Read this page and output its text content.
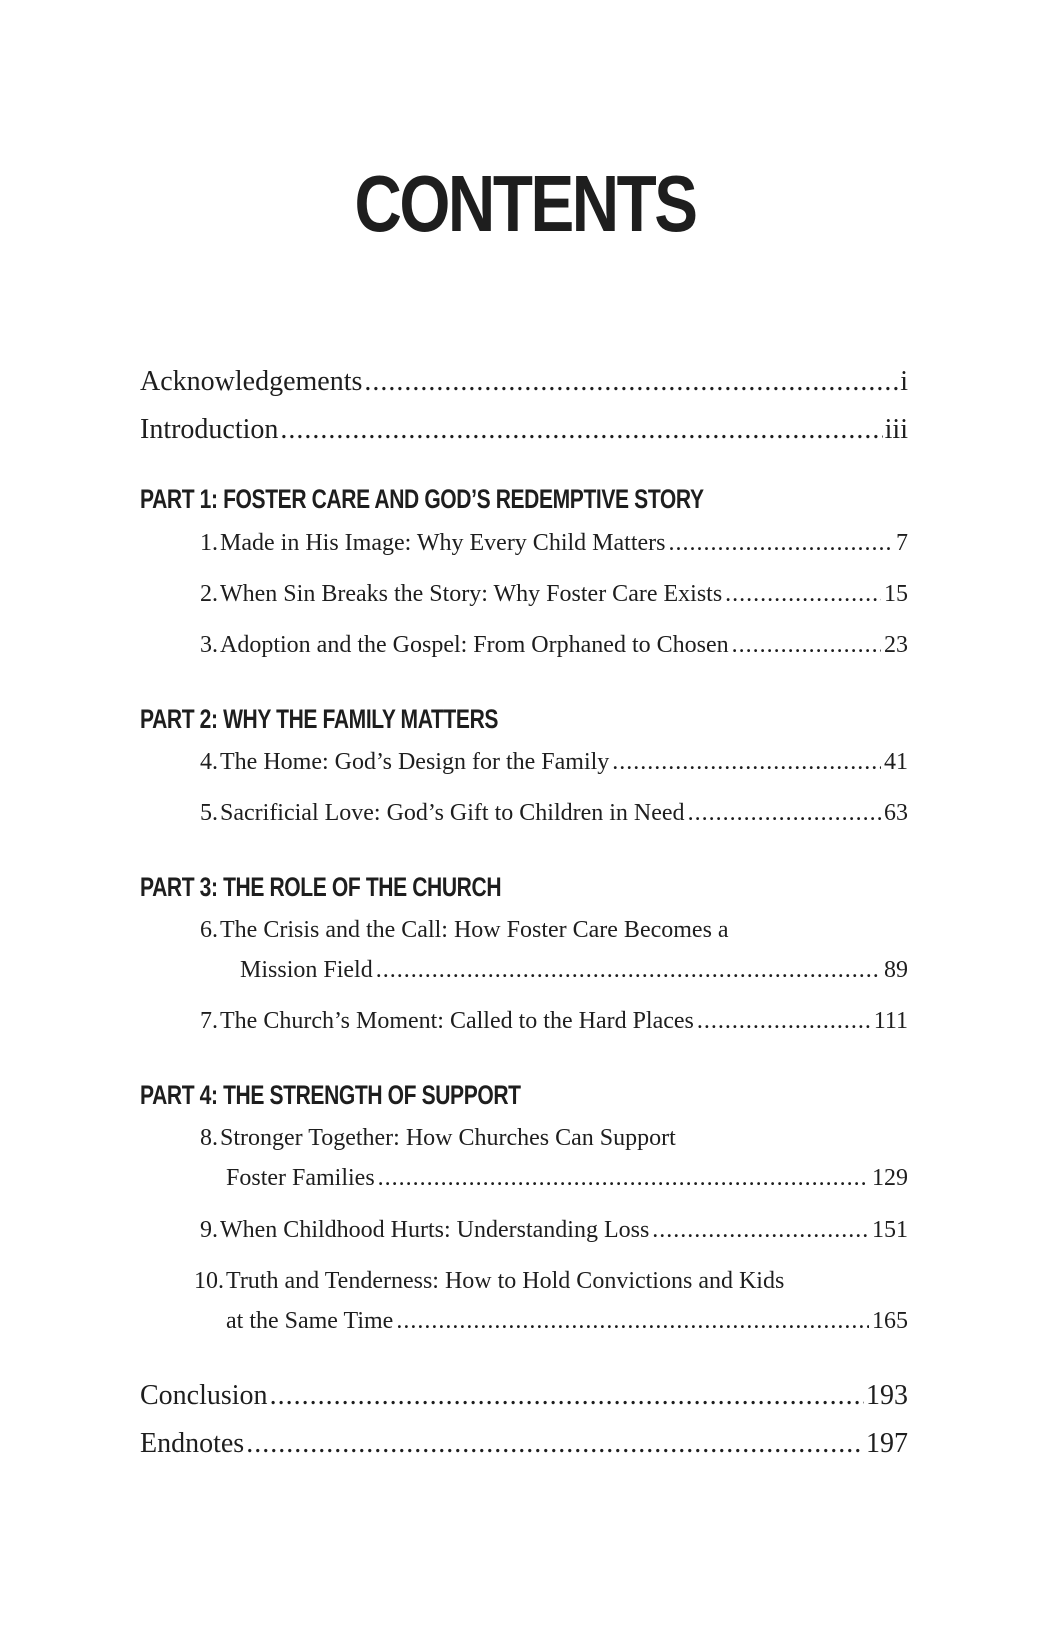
CONTENTS
Acknowledgements .....	i
Introduction .....	iii
PART 1: FOSTER CARE AND GOD’S REDEMPTIVE STORY
1. Made in His Image: Why Every Child Matters .....	7
2. When Sin Breaks the Story: Why Foster Care Exists .....	15
3. Adoption and the Gospel: From Orphaned to Chosen .....	23
PART 2: WHY THE FAMILY MATTERS
4. The Home: God’s Design for the Family .....	41
5. Sacrificial Love: God’s Gift to Children in Need .....	63
PART 3: THE ROLE OF THE CHURCH
6. The Crisis and the Call: How Foster Care Becomes a
Mission Field .....	89
7. The Church’s Moment: Called to the Hard Places .....	111
PART 4: THE STRENGTH OF SUPPORT
8. Stronger Together: How Churches Can Support
Foster Families .....	129
9. When Childhood Hurts: Understanding Loss .....	151
10. Truth and Tenderness: How to Hold Convictions and Kids
at the Same Time .....	165
Conclusion .....	193
Endnotes .....	197
